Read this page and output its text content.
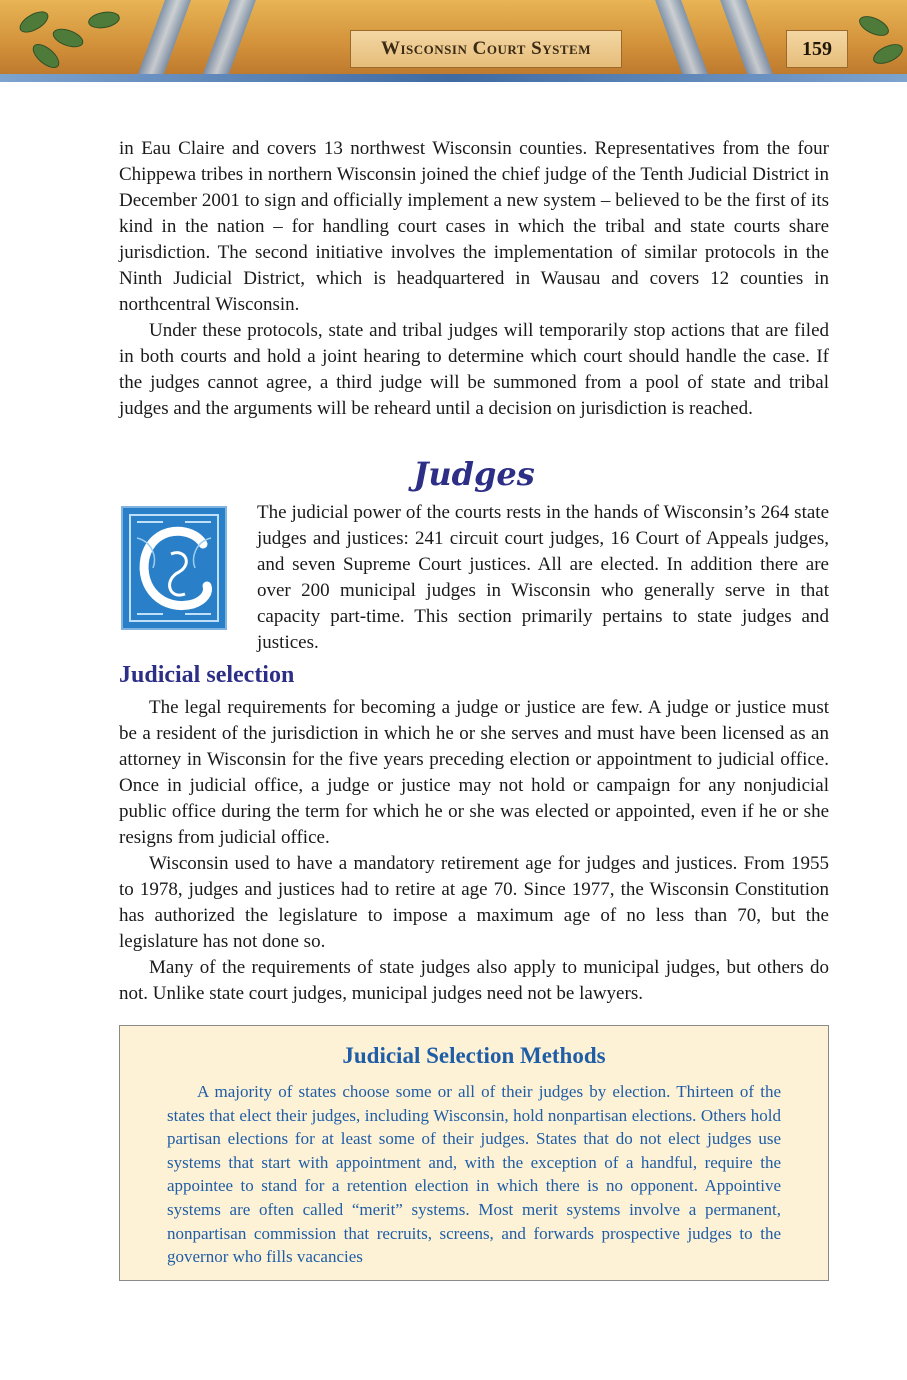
Wisconsin Court System	159

in Eau Claire and covers 13 northwest Wisconsin counties. Representatives from the four Chippewa tribes in northern Wisconsin joined the chief judge of the Tenth Judicial District in December 2001 to sign and officially implement a new system – believed to be the first of its kind in the nation – for handling court cases in which the tribal and state courts share jurisdiction. The second initiative involves the implementation of similar protocols in the Ninth Judicial District, which is headquartered in Wausau and covers 12 counties in northcentral Wisconsin.

Under these protocols, state and tribal judges will temporarily stop actions that are filed in both courts and hold a joint hearing to determine which court should handle the case. If the judges cannot agree, a third judge will be summoned from a pool of state and tribal judges and the arguments will be reheard until a decision on jurisdiction is reached.

Judges

The judicial power of the courts rests in the hands of Wisconsin’s 264 state judges and justices: 241 circuit court judges, 16 Court of Appeals judges, and seven Supreme Court justices. All are elected. In addition there are over 200 municipal judges in Wisconsin who generally serve in that capacity part-time. This section primarily pertains to state judges and justices.

Judicial selection

The legal requirements for becoming a judge or justice are few. A judge or justice must be a resident of the jurisdiction in which he or she serves and must have been licensed as an attorney in Wisconsin for the five years preceding election or appointment to judicial office. Once in judicial office, a judge or justice may not hold or campaign for any nonjudicial public office during the term for which he or she was elected or appointed, even if he or she resigns from judicial office.

Wisconsin used to have a mandatory retirement age for judges and justices. From 1955 to 1978, judges and justices had to retire at age 70. Since 1977, the Wisconsin Constitution has authorized the legislature to impose a maximum age of no less than 70, but the legislature has not done so.

Many of the requirements of state judges also apply to municipal judges, but others do not. Unlike state court judges, municipal judges need not be lawyers.

Judicial Selection Methods

A majority of states choose some or all of their judges by election. Thirteen of the states that elect their judges, including Wisconsin, hold nonpartisan elections. Others hold partisan elections for at least some of their judges. States that do not elect judges use systems that start with appointment and, with the exception of a handful, require the appointee to stand for a retention election in which there is no opponent. Appointive systems are often called “merit” systems. Most merit systems involve a permanent, nonpartisan commission that recruits, screens, and forwards prospective judges to the governor who fills vacancies
